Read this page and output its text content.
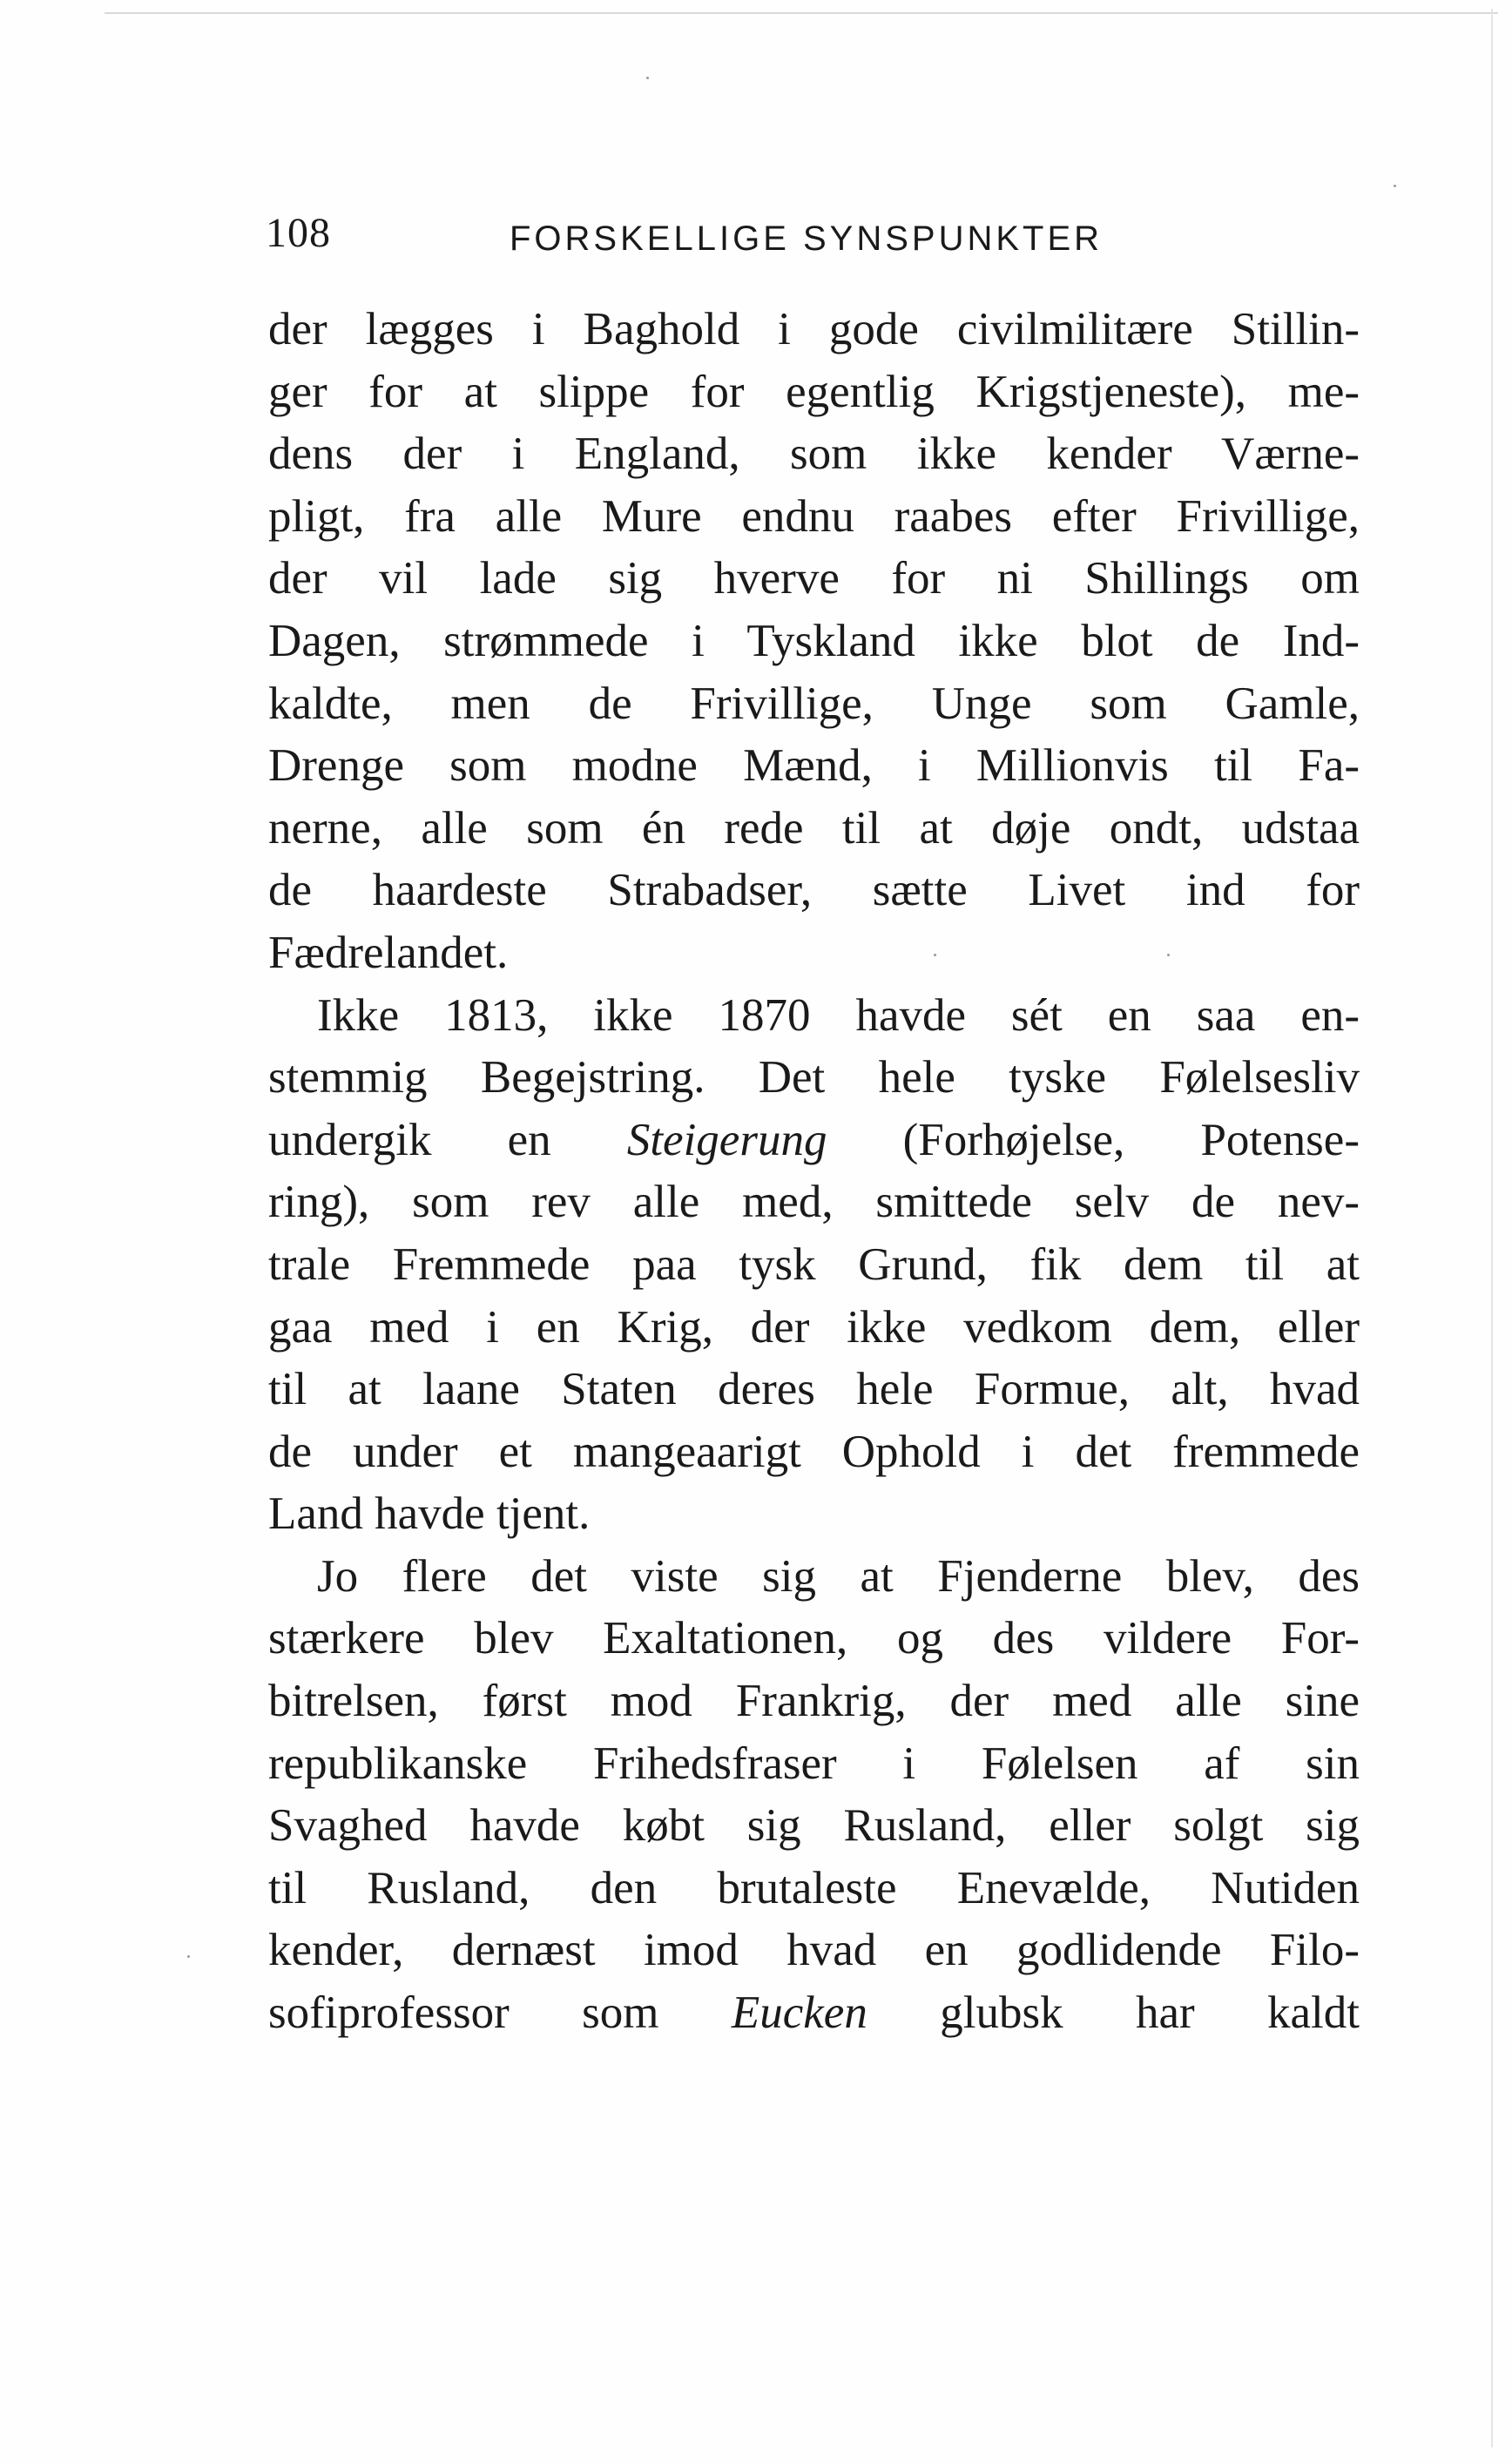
108	FORSKELLIGE SYNSPUNKTER
der lægges i Baghold i gode civilmilitære Stillin-
ger for at slippe for egentlig Krigstjeneste), me-
dens der i England, som ikke kender Værne-
pligt, fra alle Mure endnu raabes efter Frivillige,
der vil lade sig hverve for ni Shillings om
Dagen, strømmede i Tyskland ikke blot de Ind-
kaldte, men de Frivillige, Unge som Gamle,
Drenge som modne Mænd, i Millionvis til Fa-
nerne, alle som én rede til at døje ondt, udstaa
de haardeste Strabadser, sætte Livet ind for
Fædrelandet.
Ikke 1813, ikke 1870 havde sét en saa en-
stemmig Begejstring. Det hele tyske Følelsesliv
undergik en Steigerung (Forhøjelse, Potense-
ring), som rev alle med, smittede selv de nev-
trale Fremmede paa tysk Grund, fik dem til at
gaa med i en Krig, der ikke vedkom dem, eller
til at laane Staten deres hele Formue, alt, hvad
de under et mangeaarigt Ophold i det fremmede
Land havde tjent.
Jo flere det viste sig at Fjenderne blev, des
stærkere blev Exaltationen, og des vildere For-
bitrelsen, først mod Frankrig, der med alle sine
republikanske Frihedsfraser i Følelsen af sin
Svaghed havde købt sig Rusland, eller solgt sig
til Rusland, den brutaleste Enevælde, Nutiden
kender, dernæst imod hvad en godlidende Filo-
sofiprofessor som Eucken glubsk har kaldt
